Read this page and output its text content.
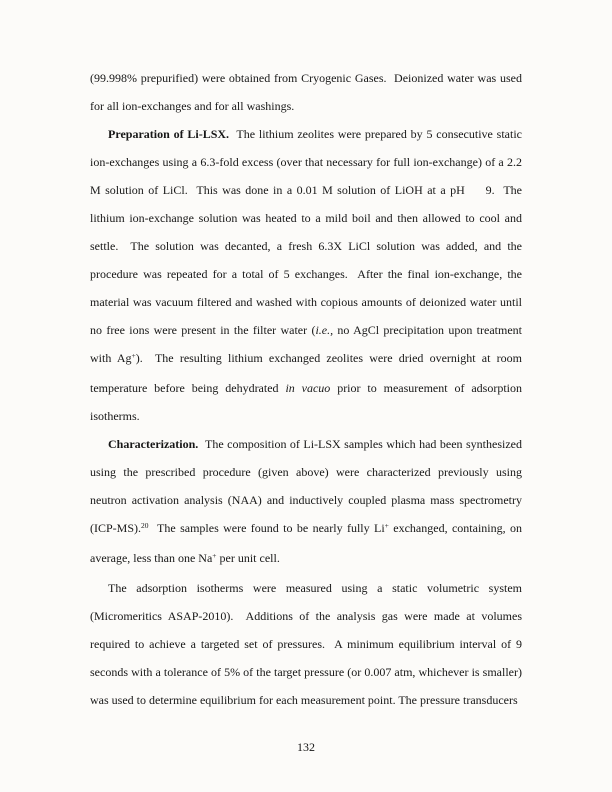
(99.998% prepurified) were obtained from Cryogenic Gases.  Deionized water was used for all ion-exchanges and for all washings.

Preparation of Li-LSX.  The lithium zeolites were prepared by 5 consecutive static ion-exchanges using a 6.3-fold excess (over that necessary for full ion-exchange) of a 2.2 M solution of LiCl.  This was done in a 0.01 M solution of LiOH at a pH   9.  The lithium ion-exchange solution was heated to a mild boil and then allowed to cool and settle.  The solution was decanted, a fresh 6.3X LiCl solution was added, and the procedure was repeated for a total of 5 exchanges.  After the final ion-exchange, the material was vacuum filtered and washed with copious amounts of deionized water until no free ions were present in the filter water (i.e., no AgCl precipitation upon treatment with Ag+).  The resulting lithium exchanged zeolites were dried overnight at room temperature before being dehydrated in vacuo prior to measurement of adsorption isotherms.

Characterization.  The composition of Li-LSX samples which had been synthesized using the prescribed procedure (given above) were characterized previously using neutron activation analysis (NAA) and inductively coupled plasma mass spectrometry (ICP-MS).$^{20}$  The samples were found to be nearly fully Li+ exchanged, containing, on average, less than one Na+ per unit cell.

The adsorption isotherms were measured using a static volumetric system (Micromeritics ASAP-2010).  Additions of the analysis gas were made at volumes required to achieve a targeted set of pressures.  A minimum equilibrium interval of 9 seconds with a tolerance of 5% of the target pressure (or 0.007 atm, whichever is smaller) was used to determine equilibrium for each measurement point. The pressure transducers

132
